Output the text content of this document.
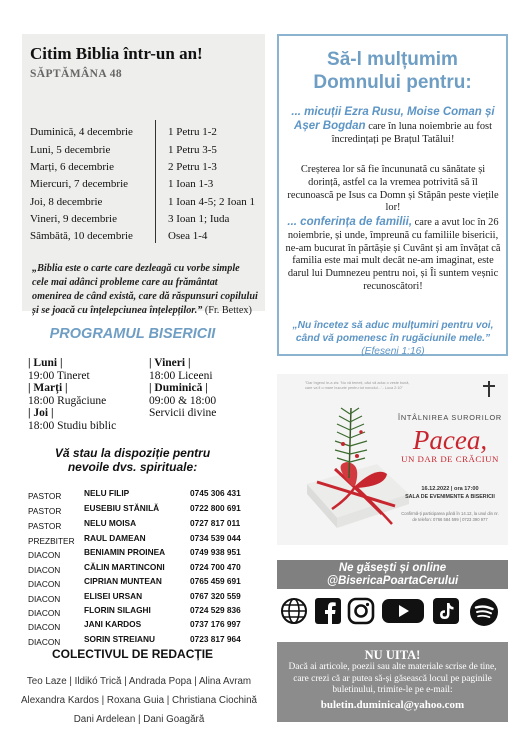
Citim Biblia într-un an!
SĂPTĂMÂNA 48
Duminică, 4 decembrie	1 Petru 1-2
Luni, 5 decembrie	1 Petru 3-5
Marți, 6 decembrie	2 Petru 1-3
Miercuri, 7 decembrie	1 Ioan 1-3
Joi, 8 decembrie	1 Ioan 4-5; 2 Ioan 1
Vineri, 9 decembrie	3 Ioan 1; Iuda
Sâmbătă, 10 decembrie	Osea 1-4
„Biblia este o carte care dezleagă cu vorbe simple cele mai adânci probleme care au frământat omenirea de când există, care dă răspunsuri copilului și se joacă cu înțelepciunea înțelepților.” (Fr. Bettex)
Să-l mulțumim
Domnului pentru:
... micuții Ezra Rusu, Moise Coman și Așer Bogdan care în luna noiembrie au fost încredințați pe Brațul Tatălui!
Creșterea lor să fie încununată cu sănătate și dorință, astfel ca la vremea potrivită să îl recunoască pe Isus ca Domn și Stăpân peste viețile lor!
... conferința de familii, care a avut loc în 26 noiembrie, și unde, împreună cu familiile bisericii, ne-am bucurat în părtășie și Cuvânt și am învățat că familia este mai mult decât ne-am imaginat, este darul lui Dumnezeu pentru noi, și Îi suntem veșnic recunoscători!
„Nu încetez să aduc mulțumiri pentru voi, când vă pomenesc în rugăciunile mele.”
(Efeseni 1:16)
PROGRAMUL BISERICII
| Luni |
19:00 Tineret
| Marți |
18:00 Rugăciune
| Joi |
18:00 Studiu biblic
| Vineri |
18:00 Liceeni
| Duminică |
09:00 & 18:00
Servicii divine
Vă stau la dispoziție pentru
nevoile dvs. spirituale:
PASTOR	NELU FILIP	0745 306 431
PASTOR	EUSEBIU STĂNILĂ	0722 800 691
PASTOR	NELU MOISA	0727 817 011
PREZBITER RAUL DAMEAN	0734 539 044
DIACON	BENIAMIN PROINEA	0749 938 951
DIACON	CĂLIN MARTINCONI	0724 700 470
DIACON	CIPRIAN MUNTEAN	0765 459 691
DIACON	ELISEI URSAN	0767 320 559
DIACON	FLORIN SILAGHI	0724 529 836
DIACON	JANI KARDOS	0737 176 997
DIACON	SORIN STREIANU	0723 817 964
COLECTIVUL DE REDACȚIE
Teo Laze | Ildikó Trică | Andrada Popa | Alina Avram
Alexandra Kardos | Roxana Guia | Christiana Ciochină
Dani Ardelean | Dani Goagără
"Dar îngerul le-a zis: 'Nu vă temeți, căci vă aduc o veste bună, care va fi o mare bucurie pentru tot norodul...' - Luca 2:10"
ÎNTÂLNIREA SURORILOR
Pacea,
UN DAR DE CRĂCIUN
16.12.2022 | ora 17:00
SALA DE EVENIMENTE A BISERICII
Confirmă-ți participarea până în 14.12, la unul din nr. de telefon: 0766 584 599 | 0723 390 977
Ne găsești și online
@BisericaPoartaCerului
NU UITA!
Dacă ai articole, poezii sau alte materiale scrise de tine, care crezi că ar putea să-și găsească locul pe paginile buletinului, trimite-le pe e-mail:
buletin.duminical@yahoo.com
